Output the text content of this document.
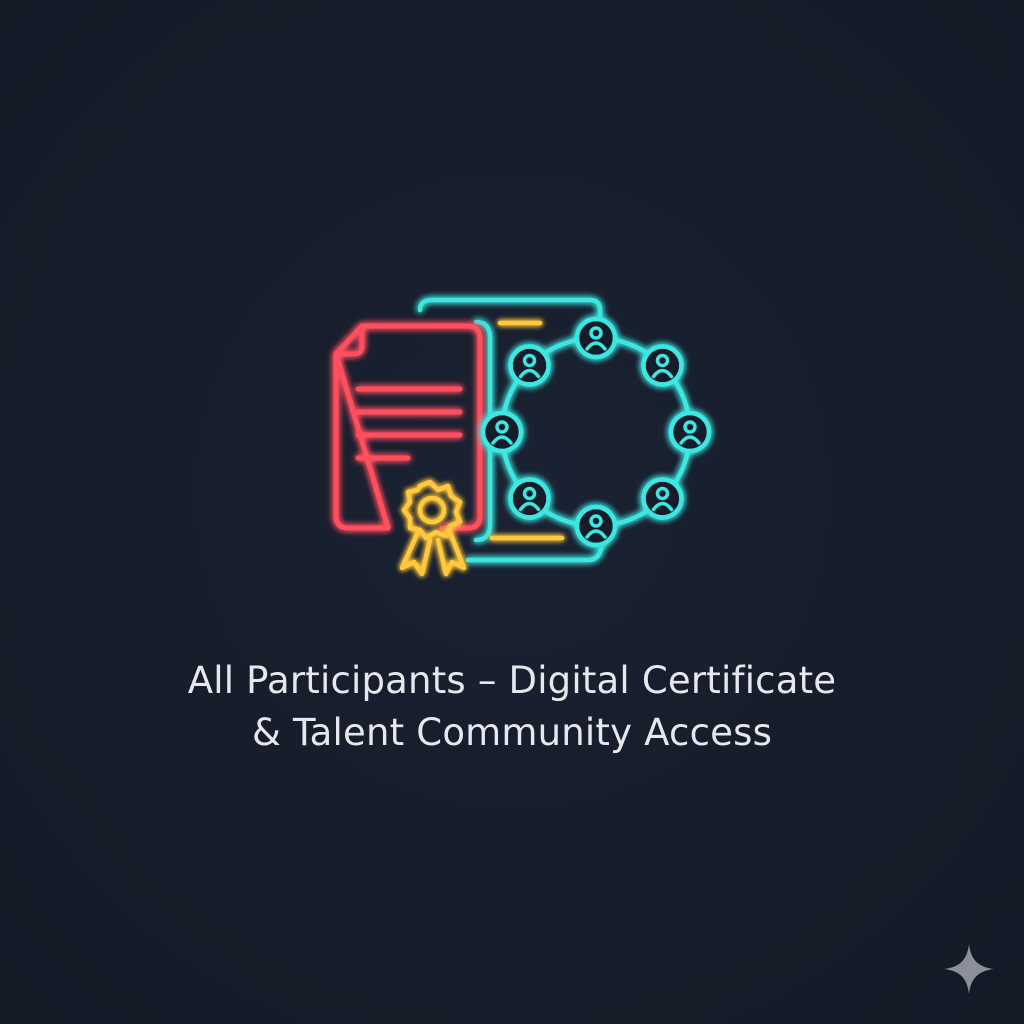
All Participants – Digital Certificate
& Talent Community Access
